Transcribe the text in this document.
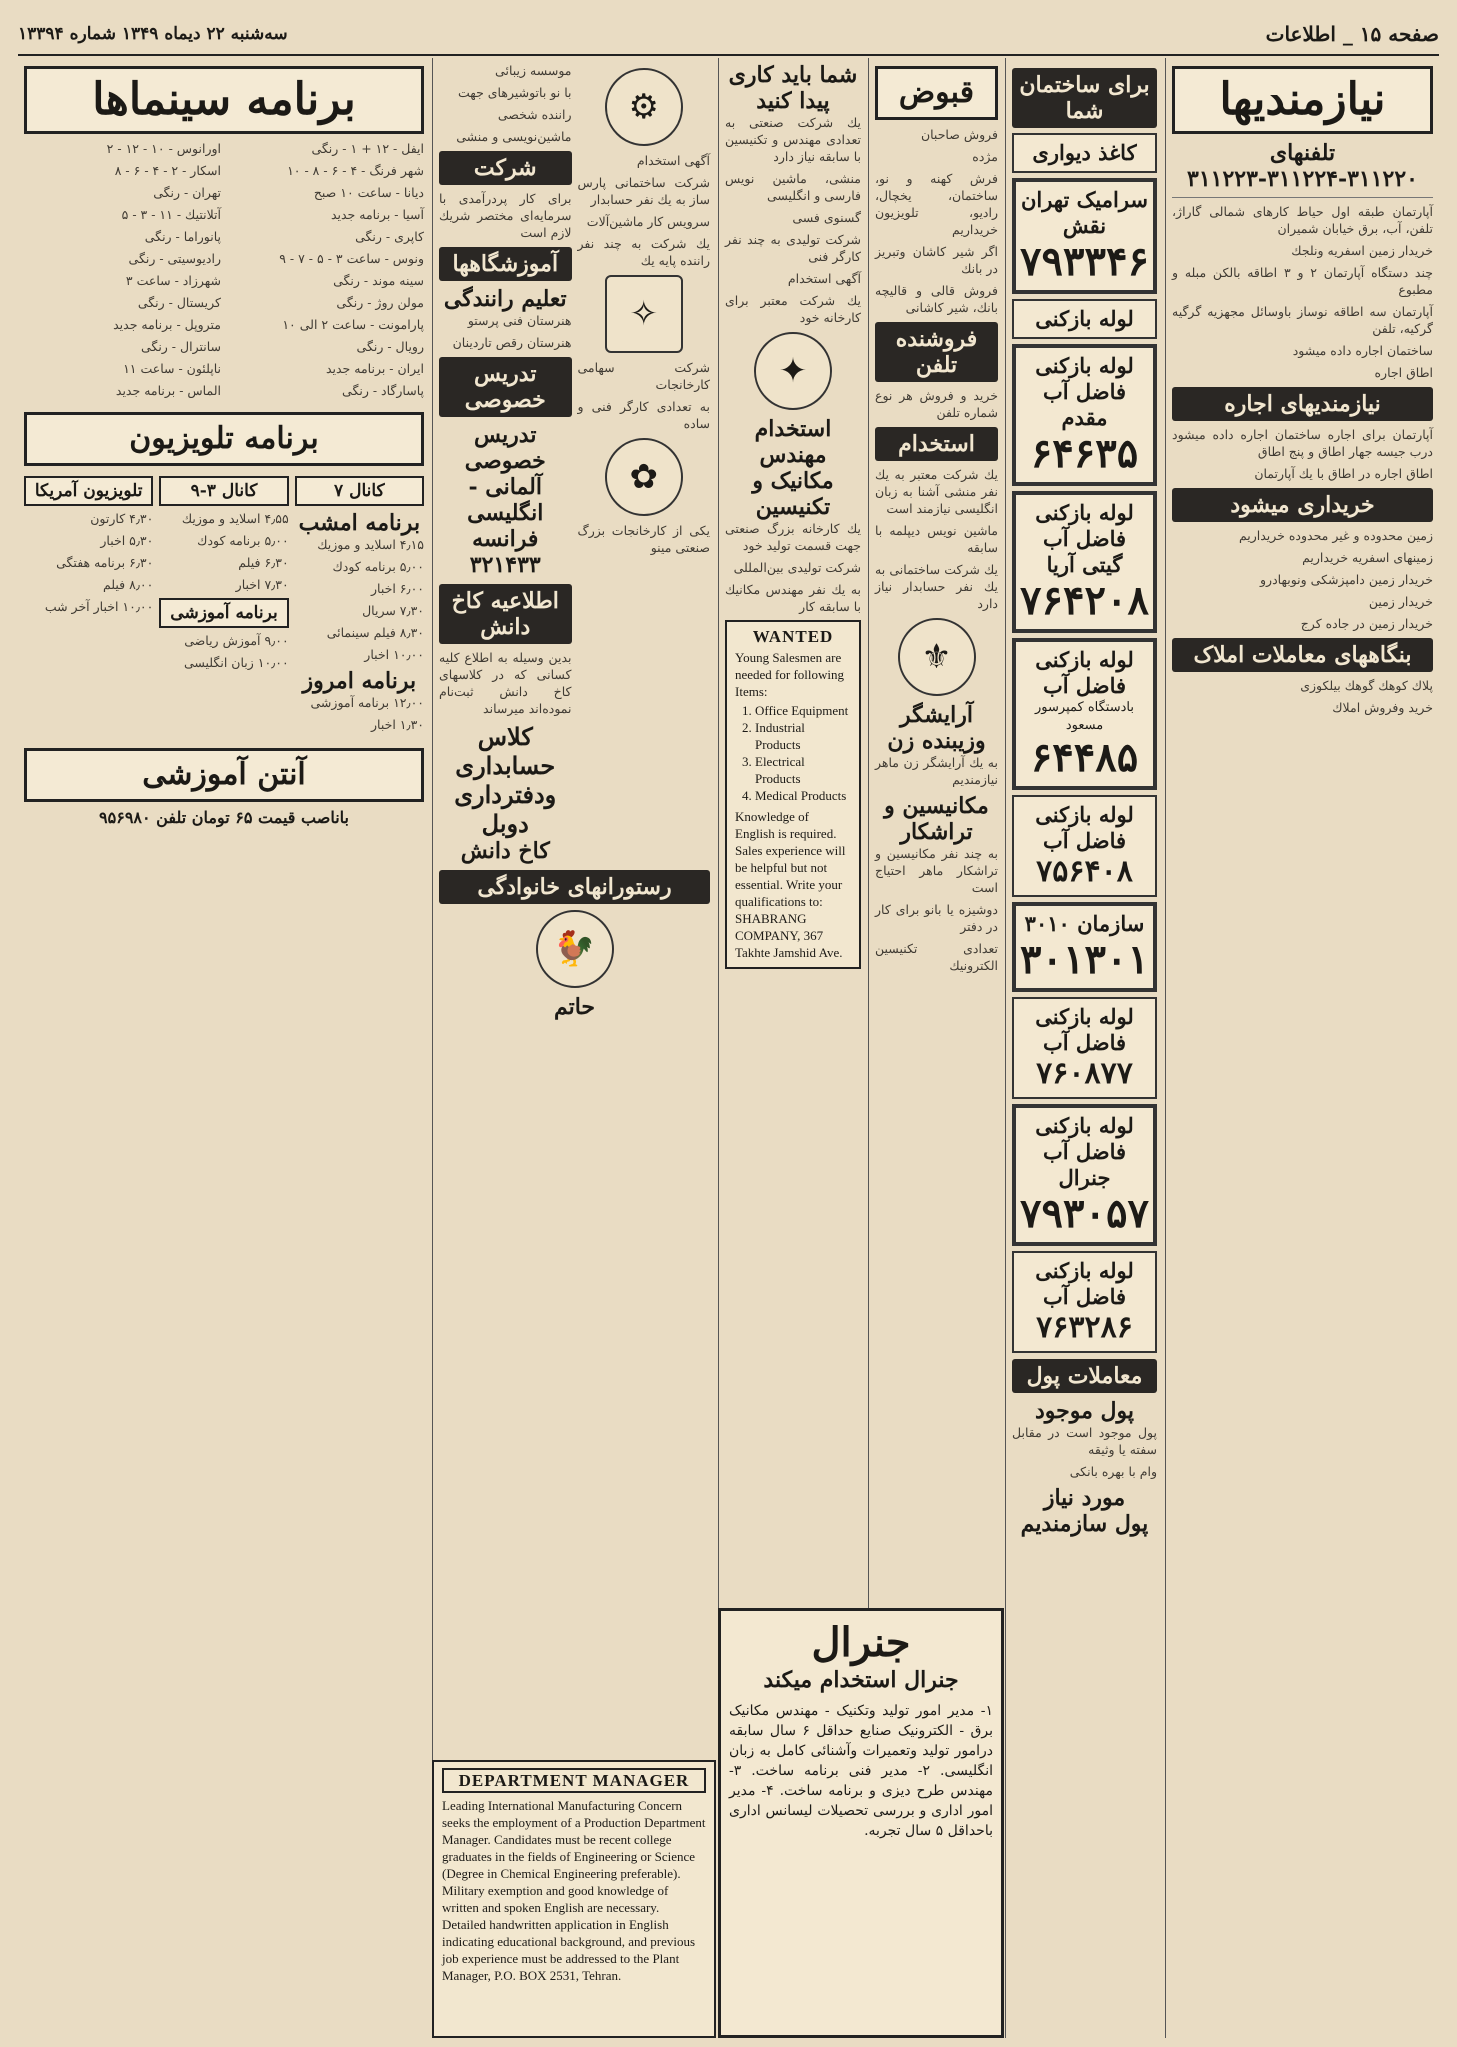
صفحه ۱۵ _ اطلاعات
سه‌شنبه ۲۲ دیماه ۱۳۴۹ شماره ۱۳۳۹۴
نیازمندیها
تلفنهای ۳۱۱۲۲۰-۳۱۱۲۲۴-۳۱۱۲۲۳

آپارتمان طبقه اول حیاط کارهای شمالی گاراژ، تلفن، آب، برق خیابان شمیران

خریدار زمین اسفریه ونلجك

چند دستگاه آپارتمان ۲ و ۳ اطاقه بالکن مبله و مطبوع

آپارتمان سه اطاقه نوساز باوسائل مجهزیه گرگیه گرکیه، تلفن

ساختمان اجاره داده میشود

اطاق اجاره

نیازمندیهای اجاره

آپارتمان برای اجاره ساختمان اجاره داده میشود درب جیسه جهار اطاق و پنج اطاق

اطاق اجاره در اطاق با یك آپارتمان

خریداری میشود

زمین محدوده و غیر محدوده خریداریم

زمینهای اسفریه خریداریم

خریدار زمین دامپزشکی ونوبهادرو

خریدار زمین

خریدار زمین در جاده کرج

بنگاههای معاملات املاک

پلاك کوهك گوهك بیلکوزی

خرید وفروش املاك

برای ساختمان شما
کاغذ دیواری
سرامیک تهران نقش
۷۹۳۳۴۶
لوله بازکنی
لوله بازکنی فاضل آب مقدم
۶۴۶۳۵
لوله بازکنی فاضل آب گیتی آریا
۷۶۴۲۰۸
لوله بازکنی فاضل آب
بادستگاه کمپرسور مسعود
۶۴۴۸۵
لوله بازکنی فاضل آب
۷۵۶۴۰۸
سازمان ۳۰۱۰
۳۰۱۳۰۱
لوله بازکنی فاضل آب
۷۶۰۸۷۷
لوله بازکنی فاضل آب جنرال
۷۹۳۰۵۷
لوله بازکنی فاضل آب
۷۶۳۲۸۶
معاملات پول
پول موجود

پول موجود است در مقابل سفته یا وثیقه

وام با بهره بانکی

مورد نیاز
پول سازمندیم
قبوض

فروش صاحبان

مژده

فرش کهنه و نو، ساختمان، یخچال، رادیو، تلویزیون خریداریم

اگر شیر کاشان وتبریز در بانك

فروش قالی و قالیچه بانك، شیر کاشانی

فروشنده تلفن

خرید و فروش هر نوع شماره تلفن

استخدام

یك شرکت معتبر به یك نفر منشی آشنا به زبان انگلیسی نیازمند است

ماشین نویس دیپلمه با سابقه

یك شرکت ساختمانی به یك نفر حسابدار نیاز دارد

⚜
آرایشگر وزیبنده زن

به یك آرایشگر زن ماهر نیازمندیم

مکانیسین و تراشکار

به چند نفر مکانیسین و تراشکار ماهر احتیاج است

دوشیزه یا بانو برای کار در دفتر

تعدادی تکنیسین الکترونیك

شما باید کاری پیدا کنید

یك شرکت صنعتی به تعدادی مهندس و تکنیسین با سابقه نیاز دارد

منشی، ماشین نویس فارسی و انگلیسی

گسنوی فسی

شرکت تولیدی به چند نفر کارگر فنی

آگهی استخدام

یك شرکت معتبر برای کارخانه خود

✦
استخدام مهندس مکانیک و تکنیسین

یك کارخانه بزرگ صنعتی جهت قسمت تولید خود

شرکت تولیدی بین‌المللی

به یك نفر مهندس مکانیك با سابقه کار

WANTED
Young Salesmen are needed for following Items:
1. Office Equipment
2. Industrial Products
3. Electrical Products
4. Medical Products
Knowledge of English is required. Sales experience will be helpful but not essential. Write your qualifications to: SHABRANG COMPANY, 367 Takhte Jamshid Ave.
جنرال
جنرال استخدام میکند
۱- مدیر امور تولید وتکنیک - مهندس مکانیک برق - الکترونیک صنایع حداقل ۶ سال سابقه درامور تولید وتعمیرات وآشنائی کامل به زبان انگلیسی. ۲- مدیر فنی برنامه ساخت. ۳- مهندس طرح دیزی و برنامه ساخت. ۴- مدیر امور اداری و بررسی تحصیلات لیسانس اداری باحداقل ۵ سال تجربه.
⚙

آگهی استخدام

شرکت ساختمانی پارس ساز به یك نفر حسابدار

سرویس کار ماشین‌آلات

یك شرکت به چند نفر راننده پایه یك

✧

شرکت سهامی کارخانجات

به تعدادی کارگر فنی و ساده

✿

یکی از کارخانجات بزرگ صنعتی مینو

موسسه زیبائی

با نو باتوشیرهای جهت

راننده شخصی

ماشین‌نویسی و منشی

شرکت

برای کار پردرآمدی با سرمایه‌ای مختصر شریك لازم است

آموزشگاهها
تعلیم رانندگی

هنرستان فنی پرستو

هنرستان رقص تاردینان

تدریس خصوصی
تدریس خصوصی آلمانی - انگلیسی فرانسه
۳۲۱۴۳۳
اطلاعیه کاخ دانش

بدین وسیله به اطلاع کلیه کسانی که در کلاسهای کاخ دانش ثبت‌نام نموده‌اند میرساند

کلاس حسابداری ودفترداری دوبل
کاخ دانش
رستورانهای خانوادگی
🐓
حاتم
DEPARTMENT MANAGER
Leading International Manufacturing Concern seeks the employment of a Production Department Manager. Candidates must be recent college graduates in the fields of Engineering or Science (Degree in Chemical Engineering preferable). Military exemption and good knowledge of written and spoken English are necessary. Detailed handwritten application in English indicating educational background, and previous job experience must be addressed to the Plant Manager, P.O. BOX 2531, Tehran.
برنامه سینماها

ایفل - ۱۲ + ۱ - رنگی

شهر فرنگ - ۴ - ۶ - ۸ - ۱۰

دیانا - ساعت ۱۰ صبح

آسیا - برنامه جدید

کاپری - رنگی

ونوس - ساعت ۳ - ۵ - ۷ - ۹

سینه موند - رنگی

مولن روژ - رنگی

پارامونت - ساعت ۲ الی ۱۰

رویال - رنگی

ایران - برنامه جدید

پاسارگاد - رنگی

اورانوس - ۱۰ - ۱۲ - ۲

اسکار - ۲ - ۴ - ۶ - ۸

تهران - رنگی

آتلانتیك - ۱۱ - ۳ - ۵

پانوراما - رنگی

رادیوسیتی - رنگی

شهرزاد - ساعت ۳

کریستال - رنگی

متروپل - برنامه جدید

سانترال - رنگی

ناپلئون - ساعت ۱۱

الماس - برنامه جدید

برنامه تلویزیون
کانال ۷
برنامه امشب

۴٫۱۵ اسلاید و موزیك

۵٫۰۰ برنامه کودك

۶٫۰۰ اخبار

۷٫۳۰ سریال

۸٫۳۰ فیلم سینمائی

۱۰٫۰۰ اخبار

برنامه امروز

۱۲٫۰۰ برنامه آموزشی

۱٫۳۰ اخبار

کانال ۳-۹

۴٫۵۵ اسلاید و موزیك

۵٫۰۰ برنامه کودك

۶٫۳۰ فیلم

۷٫۳۰ اخبار

برنامه آموزشی

۹٫۰۰ آموزش ریاضی

۱۰٫۰۰ زبان انگلیسی

تلویزیون آمریکا

۴٫۳۰ کارتون

۵٫۳۰ اخبار

۶٫۳۰ برنامه هفتگی

۸٫۰۰ فیلم

۱۰٫۰۰ اخبار آخر شب

آنتن آموزشی
باناصب قیمت ۶۵ تومان تلفن ۹۵۶۹۸۰
